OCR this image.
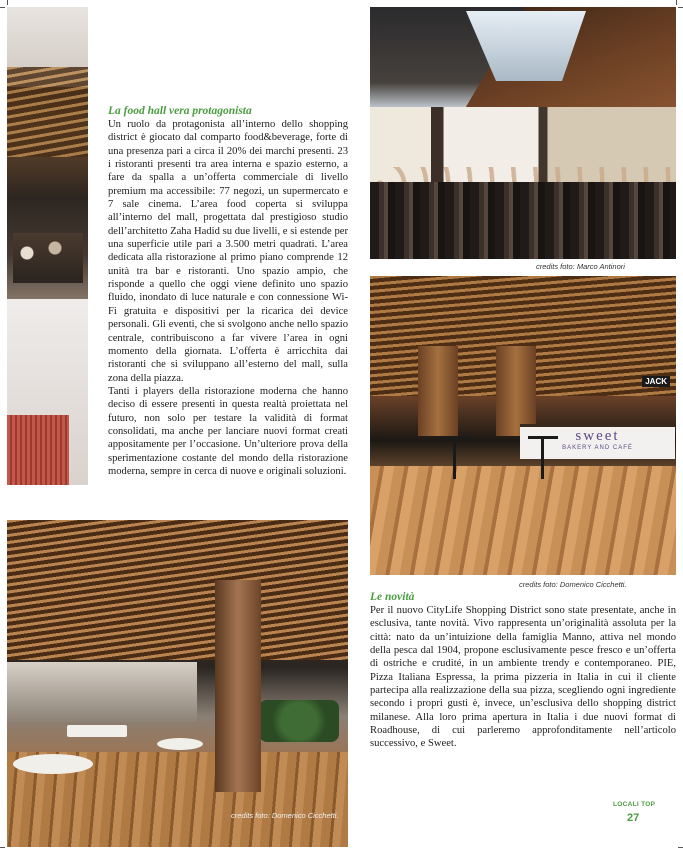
credits foto: Marco Antinori
JACK
sweet
BAKERY AND CAFÉ
credits foto: Domenico Cicchetti.
credits foto: Domenico Cicchetti.

La food hall vera protagonista

Un ruolo da protagonista all’interno dello shopping district è giocato dal comparto food&beverage, forte di una presenza pari a circa il 20% dei marchi presenti. 23 i ristoranti presenti tra area interna e spazio esterno, a fare da spalla a un’offerta commerciale di livello premium ma accessibile: 77 negozi, un supermercato e 7 sale cinema. L’area food coperta si sviluppa all’interno del mall, progettata dal prestigioso studio dell’architetto Zaha Hadid su due livelli, e si estende per una superficie utile pari a 3.500 metri quadrati. L’area dedicata alla ristorazione al primo piano comprende 12 unità tra bar e ristoranti. Uno spazio ampio, che risponde a quello che oggi viene definito uno spazio fluido, inondato di luce naturale e con connessione Wi-Fi gratuita e dispositivi per la ricarica dei device personali. Gli eventi, che si svolgono anche nello spazio centrale, contribuiscono a far vivere l’area in ogni momento della giornata. L’offerta è arricchita dai ristoranti che si sviluppano all’esterno del mall, sulla zona della piazza.

Tanti i players della ristorazione moderna che hanno deciso di essere presenti in questa realtà proiettata nel futuro, non solo per testare la validità di format consolidati, ma anche per lanciare nuovi format creati appositamente per l’occasione. Un’ulteriore prova della sperimentazione costante del mondo della ristorazione moderna, sempre in cerca di nuove e originali soluzioni.

Le novità

Per il nuovo CityLife Shopping District sono state presentate, anche in esclusiva, tante novità. Vivo rappresenta un’originalità assoluta per la città: nato da un’intuizione della famiglia Manno, attiva nel mondo della pesca dal 1904, propone esclusivamente pesce fresco e un’offerta di ostriche e crudité, in un ambiente trendy e contemporaneo. PIE, Pizza Italiana Espressa, la prima pizzeria in Italia in cui il cliente partecipa alla realizzazione della sua pizza, scegliendo ogni ingrediente secondo i propri gusti è, invece, un’esclusiva dello shopping district milanese. Alla loro prima apertura in Italia i due nuovi format di Roadhouse, di cui parleremo approfonditamente nell’articolo successivo, e Sweet.

LOCALI TOP
27
